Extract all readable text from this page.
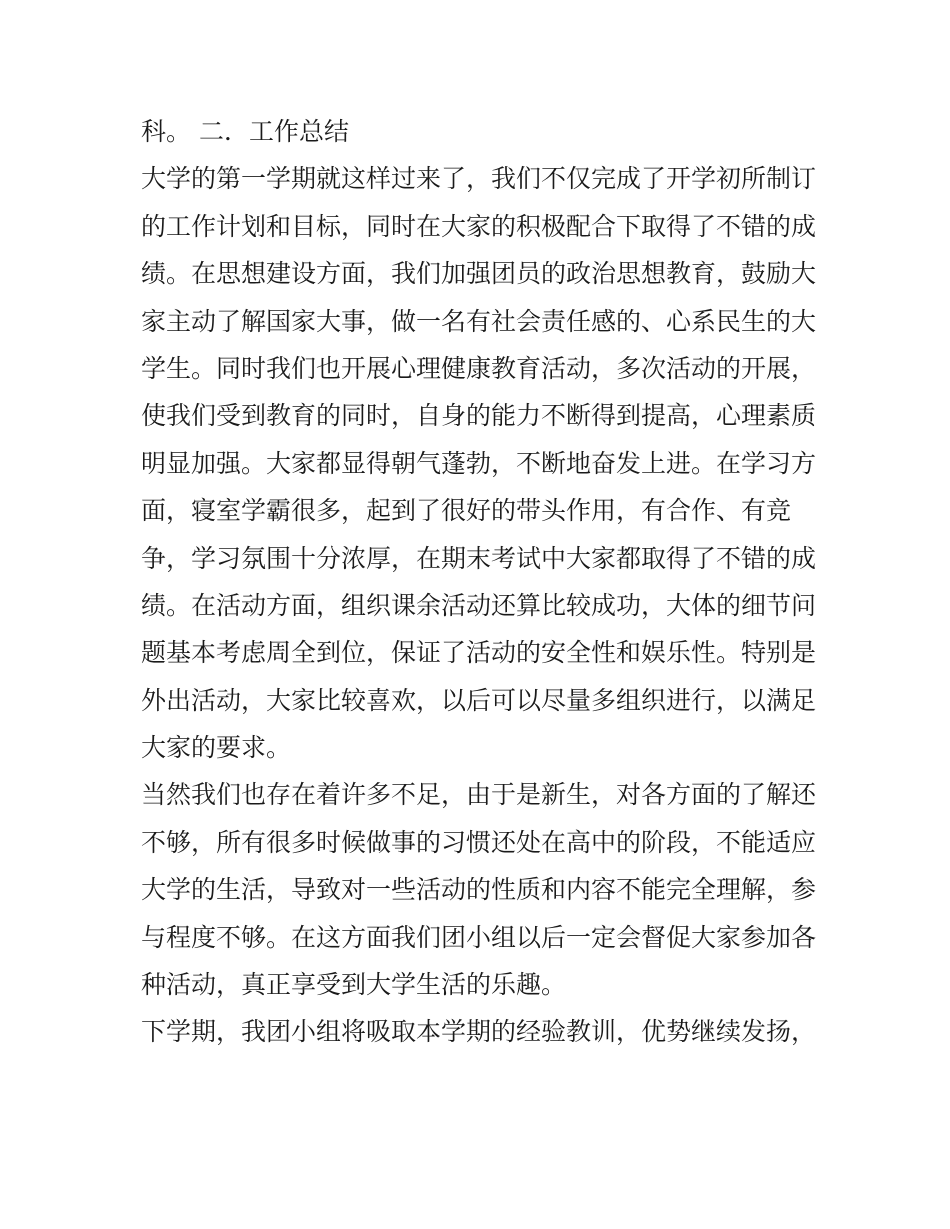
科。 二．工作总结
大学的第一学期就这样过来了，我们不仅完成了开学初所制订
的工作计划和目标，同时在大家的积极配合下取得了不错的成
绩。在思想建设方面，我们加强团员的政治思想教育，鼓励大
家主动了解国家大事，做一名有社会责任感的、心系民生的大
学生。同时我们也开展心理健康教育活动，多次活动的开展，
使我们受到教育的同时，自身的能力不断得到提高，心理素质
明显加强。大家都显得朝气蓬勃，不断地奋发上进。在学习方
面，寝室学霸很多，起到了很好的带头作用，有合作、有竞
争，学习氛围十分浓厚，在期末考试中大家都取得了不错的成
绩。在活动方面，组织课余活动还算比较成功，大体的细节问
题基本考虑周全到位，保证了活动的安全性和娱乐性。特别是
外出活动，大家比较喜欢，以后可以尽量多组织进行，以满足
大家的要求。
当然我们也存在着许多不足，由于是新生，对各方面的了解还
不够，所有很多时候做事的习惯还处在高中的阶段，不能适应
大学的生活，导致对一些活动的性质和内容不能完全理解，参
与程度不够。在这方面我们团小组以后一定会督促大家参加各
种活动，真正享受到大学生活的乐趣。
下学期，我团小组将吸取本学期的经验教训，优势继续发扬，
